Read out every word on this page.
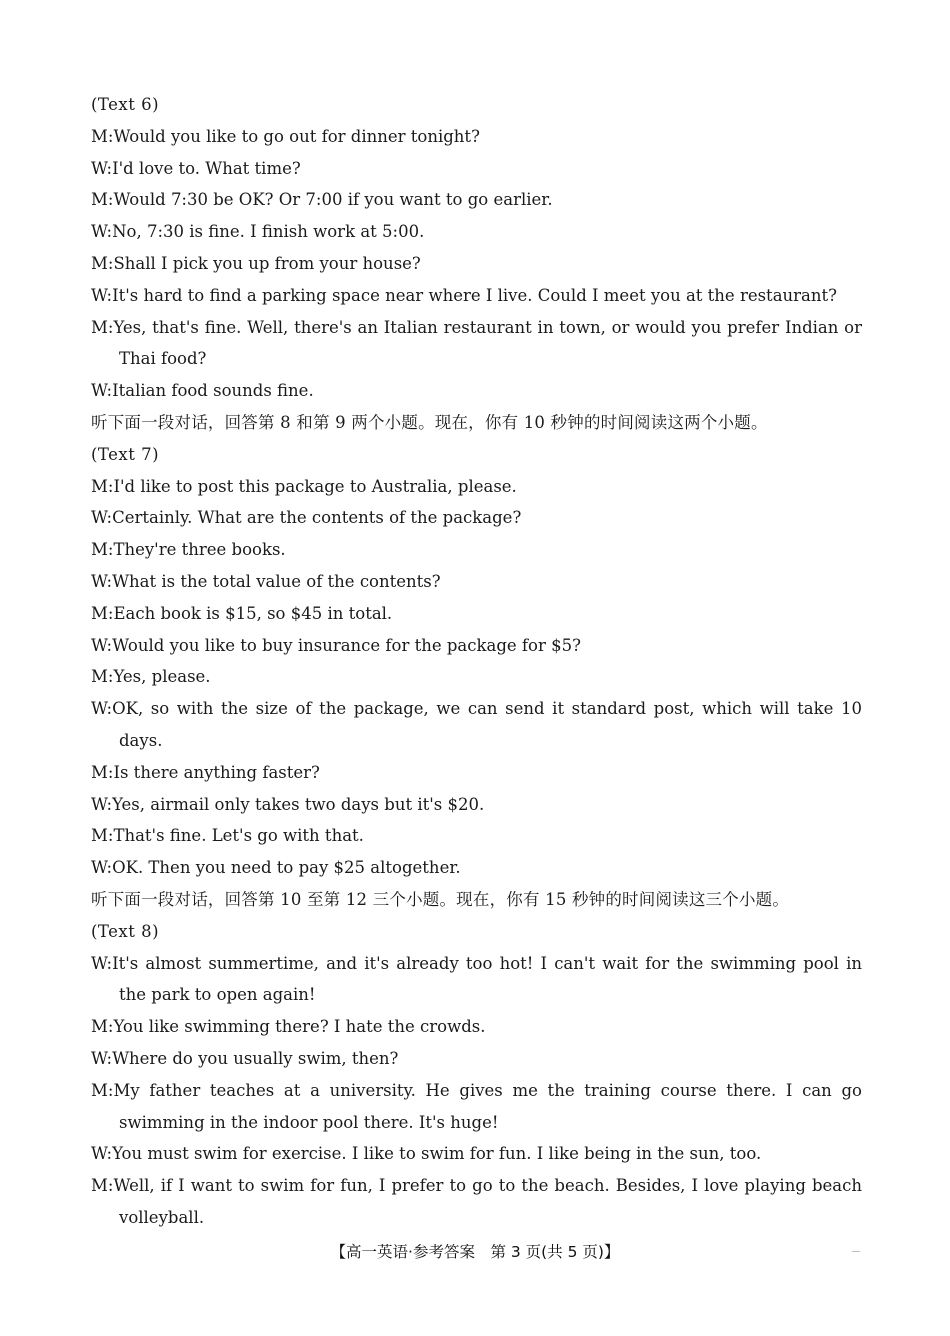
(Text 6)
M:Would you like to go out for dinner tonight?
W:I'd love to. What time?
M:Would 7:30 be OK? Or 7:00 if you want to go earlier.
W:No, 7:30 is fine. I finish work at 5:00.
M:Shall I pick you up from your house?
W:It's hard to find a parking space near where I live. Could I meet you at the restaurant?
M:Yes, that's fine. Well, there's an Italian restaurant in town, or would you prefer Indian or Thai food?
W:Italian food sounds fine.
听下面一段对话，回答第 8 和第 9 两个小题。现在，你有 10 秒钟的时间阅读这两个小题。
(Text 7)
M:I'd like to post this package to Australia, please.
W:Certainly. What are the contents of the package?
M:They're three books.
W:What is the total value of the contents?
M:Each book is $15, so $45 in total.
W:Would you like to buy insurance for the package for $5?
M:Yes, please.
W:OK, so with the size of the package, we can send it standard post, which will take 10 days.
M:Is there anything faster?
W:Yes, airmail only takes two days but it's $20.
M:That's fine. Let's go with that.
W:OK. Then you need to pay $25 altogether.
听下面一段对话，回答第 10 至第 12 三个小题。现在，你有 15 秒钟的时间阅读这三个小题。
(Text 8)
W:It's almost summertime, and it's already too hot! I can't wait for the swimming pool in the park to open again!
M:You like swimming there? I hate the crowds.
W:Where do you usually swim, then?
M:My father teaches at a university. He gives me the training course there. I can go swimming in the indoor pool there. It's huge!
W:You must swim for exercise. I like to swim for fun. I like being in the sun, too.
M:Well, if I want to swim for fun, I prefer to go to the beach. Besides, I love playing beach volleyball.
【高一英语·参考答案　第 3 页(共 5 页)】
